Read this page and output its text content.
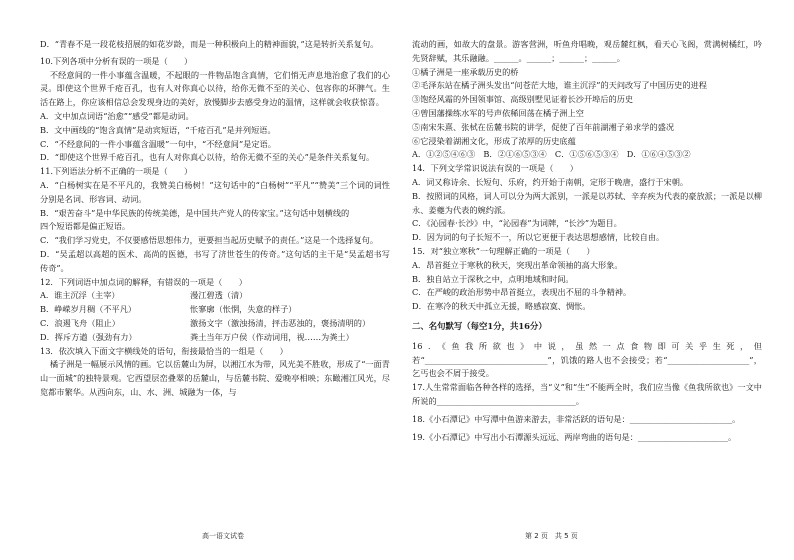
D．“青春不是一段花枝招展的如花岁龄，而是一种积极向上的精神面貌，”这是转折关系复句。

10.下列各项中分析有误的一项是（　　）

不经意间的一件小事蕴含温暖，不起眼的一件物品饱含真情，它们悄无声息地治愈了我们的心灵。即使这个世界千疮百孔，也有人对你真心以待，给你无微不至的关心、包容你的坏脾气。生活在路上，你应该相信总会发现身边的美好，放慢脚步去感受身边的温情，这样就会收获惊喜。

A．文中加点词语“治愈”“感受”都是动词。

B．文中画线的“饱含真情”是动宾短语，“千疮百孔”是并列短语。

C．“不经意间的一件小事蕴含温暖”一句中，“不经意间”是定语。

D．“即使这个世界千疮百孔，也有人对你真心以待，给你无微不至的关心”是条件关系复句。

11.下列语法分析不正确的一项是（　　）

A．“白杨树实在是不平凡的，我赞美白杨树！”这句话中的“白杨树”“平凡”“赞美”三个词的词性分别是名词、形容词、动词。

B．“艰苦奋斗”是中华民族的传统美德，是中国共产党人的传家宝。”这句话中划横线的

四个短语都是偏正短语。

C．“我们学习党史，不仅要感悟思想伟力，更要担当起历史赋予的责任。”这是一个选择复句。

D．“吴孟超以高超的医术、高尚的医德，书写了济世苍生的传奇。”这句话的主干是“吴孟超书写传奇”。

12．下列词语中加点词的解释，有错误的一项是（　　）

A．谁主沉浮（主宰）	漫江碧透（清）
B．峥嵘岁月稠（不平凡）	怅寥廓（怅惘，失意的样子）
C．浪遏飞舟（阻止）	激扬文字（激浊扬清，抨击恶浊的，褒扬清明的）
D．挥斥方遒（强劲有力）	粪土当年万户侯（作动词用，视……为粪土）

13．依次填入下面文字横线处的语句，衔接最恰当的一组是（　　）

橘子洲是一幅展示风情的画。它以岳麓山为屏，以湘江水为带，风光美不胜收，形成了“一面青山一面城”的独特景观。它西望层峦叠翠的岳麓山，与岳麓书院、爱晚亭相映；东瞰湘江风光，尽览都市繁华。从西向东，山、水、洲、城融为一体，与

流动的画，如故大的盘景。游客营洲，听鱼舟唱晚，观岳麓红枫，看天心飞阁，赏满树橘红，吟先贤辞赋，其乐融融。______。______；______；______。

①橘子洲是一座承载历史的桥

②毛泽东站在橘子洲头发出“问苍茫大地，谁主沉浮”的天问改写了中国历史的进程

③饱经风霜的外国领事馆、高级别墅见证着长沙开埠后的历史

④曾国藩操练水军的号声依稀回荡在橘子洲上空

⑤南宋朱熹、张栻在岳麓书院的讲学，促使了百年前湖湘子弟求学的盛况

⑥它浸染着湖湘文化，形成了浓厚的历史底蕴

A．①②⑤④⑥③　B．②①⑥⑤③④　C．①⑤⑥⑤③④　D．①⑥④⑤③②

14．下列文学常识说法有误的一项是（　　）

A．词又称诗余、长短句、乐府，约开始于南朝，定形于晚唐，盛行于宋朝。

B．按照词的风格，词人可以分为两大派别，一派是以苏轼、辛弃疾为代表的豪放派；一派是以柳永、姜夔为代表的婉约派。

C．《沁园春·长沙》中，“沁园春”为词牌，“长沙”为题目。

D．因为词的句子长短不一，所以它更便于表达思想感情，比较自由。

15．对“独立寒秋”一句理解正确的一项是（　　）

A．昂首挺立于寒秋的秋天，突现出革命领袖的高大形象。

B．独自站立于深秋之中，点明地域和时间。

C．在严峻的政治形势中昂首挺立，表现出不屈的斗争精神。

D．在寒冷的秋天中孤立无援，略感寂寞、惆怅。

二、名句默写（每空1分，共16分）

16．《鱼我所欲也》中说，虽然一点食物即可关乎生死，但若“______________________________”，饥饿的路人也不会接受；若“____________________”，乞丐也会不屑于接受。

17.人生常常面临各种各样的选择，当“义”和“生”不能两全时，我们应当像《鱼我所欲也》一文中所说的__________________________________。

18.《小石潭记》中写潭中鱼游来游去，非常活跃的语句是：_________________________。

19.《小石潭记》中写出小石潭源头远远、两岸弯曲的语句是：______________________。

高一语文试卷	第 2 页　共 5 页
